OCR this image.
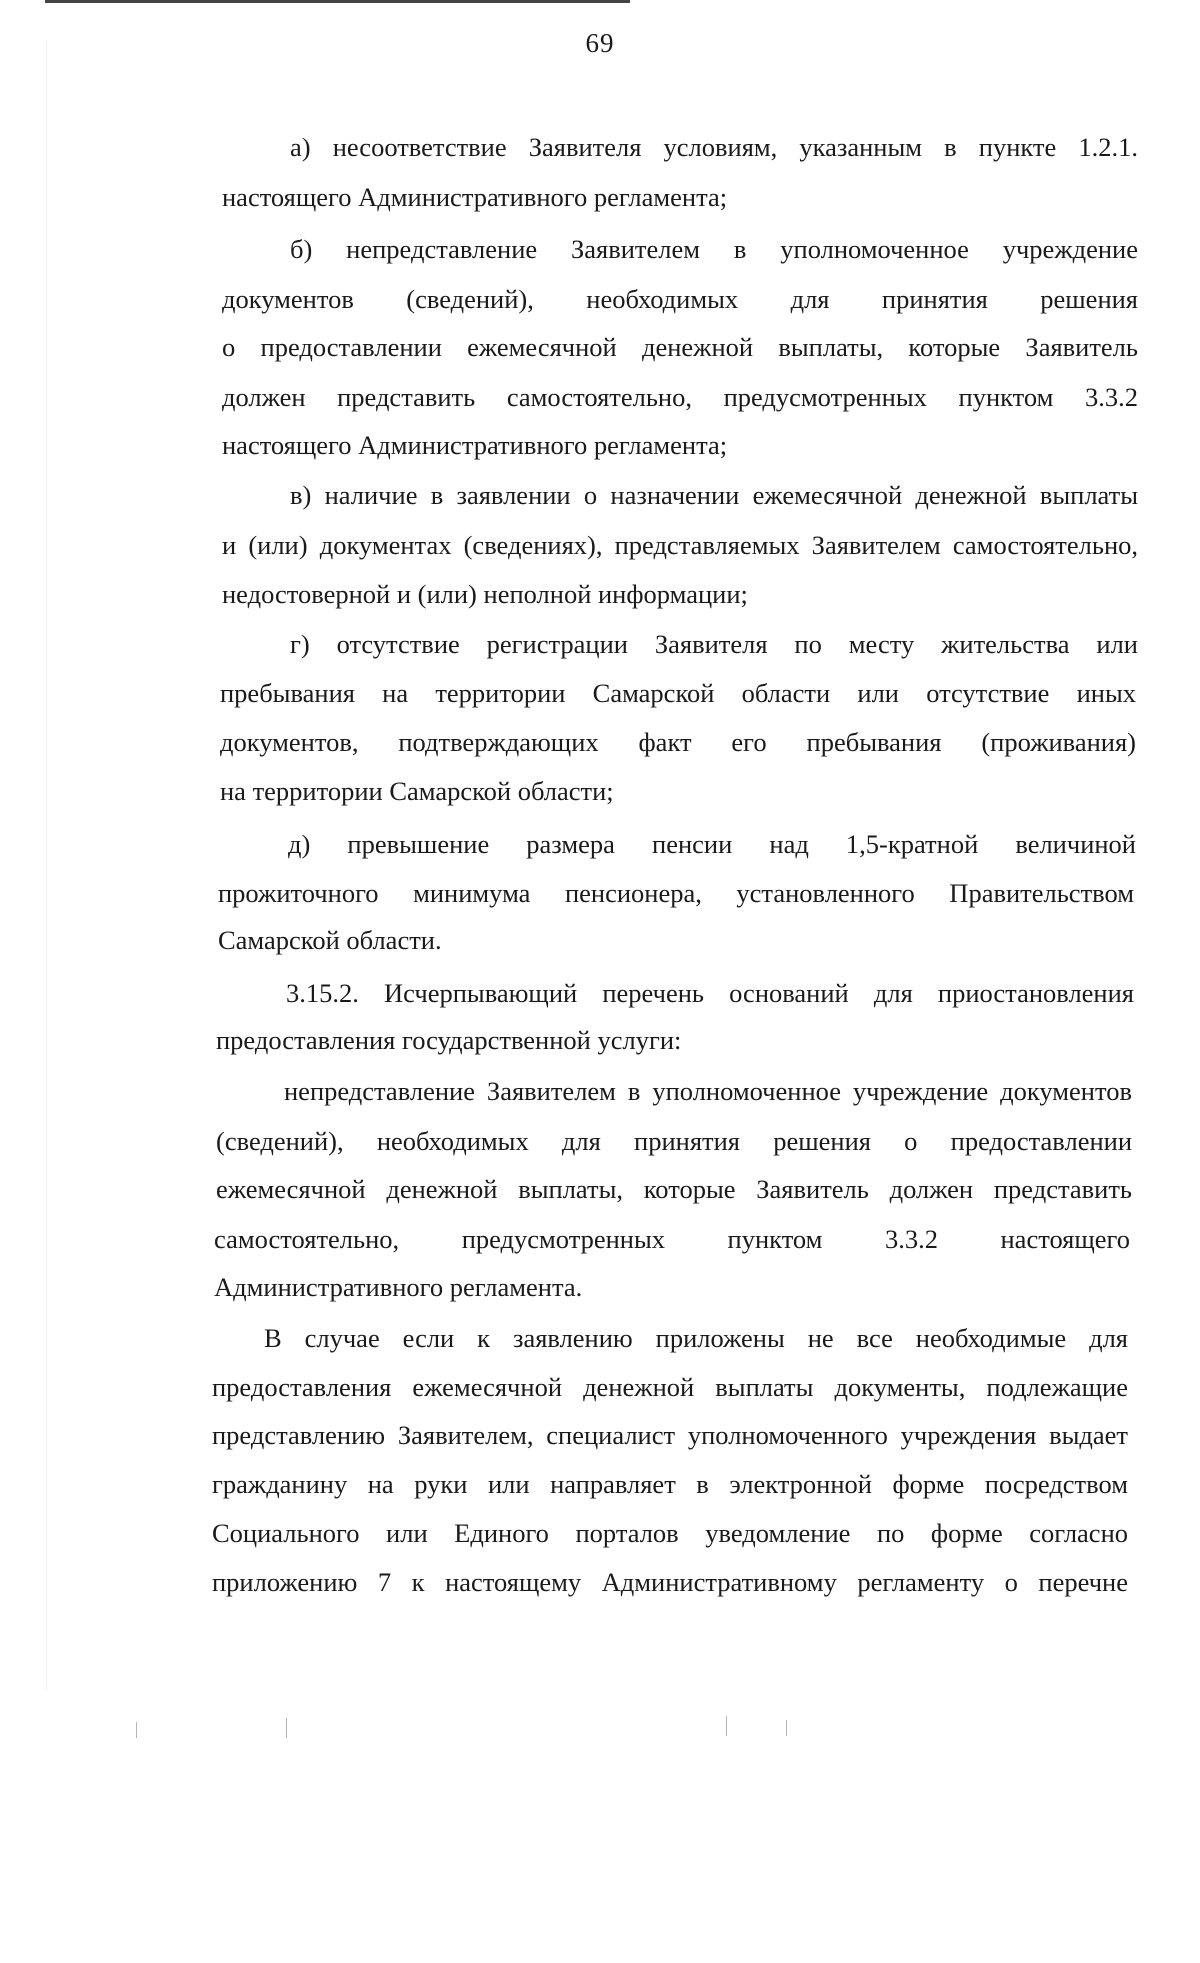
69
а) несоответствие Заявителя условиям, указанным в пункте 1.2.1.
настоящего Административного регламента;
б) непредставление Заявителем в уполномоченное учреждение
документов (сведений), необходимых для принятия решения
о предоставлении ежемесячной денежной выплаты, которые Заявитель
должен представить самостоятельно, предусмотренных пунктом 3.3.2
настоящего Административного регламента;
в) наличие в заявлении о назначении ежемесячной денежной выплаты
и (или) документах (сведениях), представляемых Заявителем самостоятельно,
недостоверной и (или) неполной информации;
г) отсутствие регистрации Заявителя по месту жительства или
пребывания на территории Самарской области или отсутствие иных
документов, подтверждающих факт его пребывания (проживания)
на территории Самарской области;
д) превышение размера пенсии над 1,5-кратной величиной
прожиточного минимума пенсионера, установленного Правительством
Самарской области.
3.15.2. Исчерпывающий перечень оснований для приостановления
предоставления государственной услуги:
непредставление Заявителем в уполномоченное учреждение документов
(сведений), необходимых для принятия решения о предоставлении
ежемесячной денежной выплаты, которые Заявитель должен представить
самостоятельно, предусмотренных пунктом 3.3.2 настоящего
Административного регламента.
В случае если к заявлению приложены не все необходимые для
предоставления ежемесячной денежной выплаты документы, подлежащие
представлению Заявителем, специалист уполномоченного учреждения выдает
гражданину на руки или направляет в электронной форме посредством
Социального или Единого порталов уведомление по форме согласно
приложению 7 к настоящему Административному регламенту о перечне
